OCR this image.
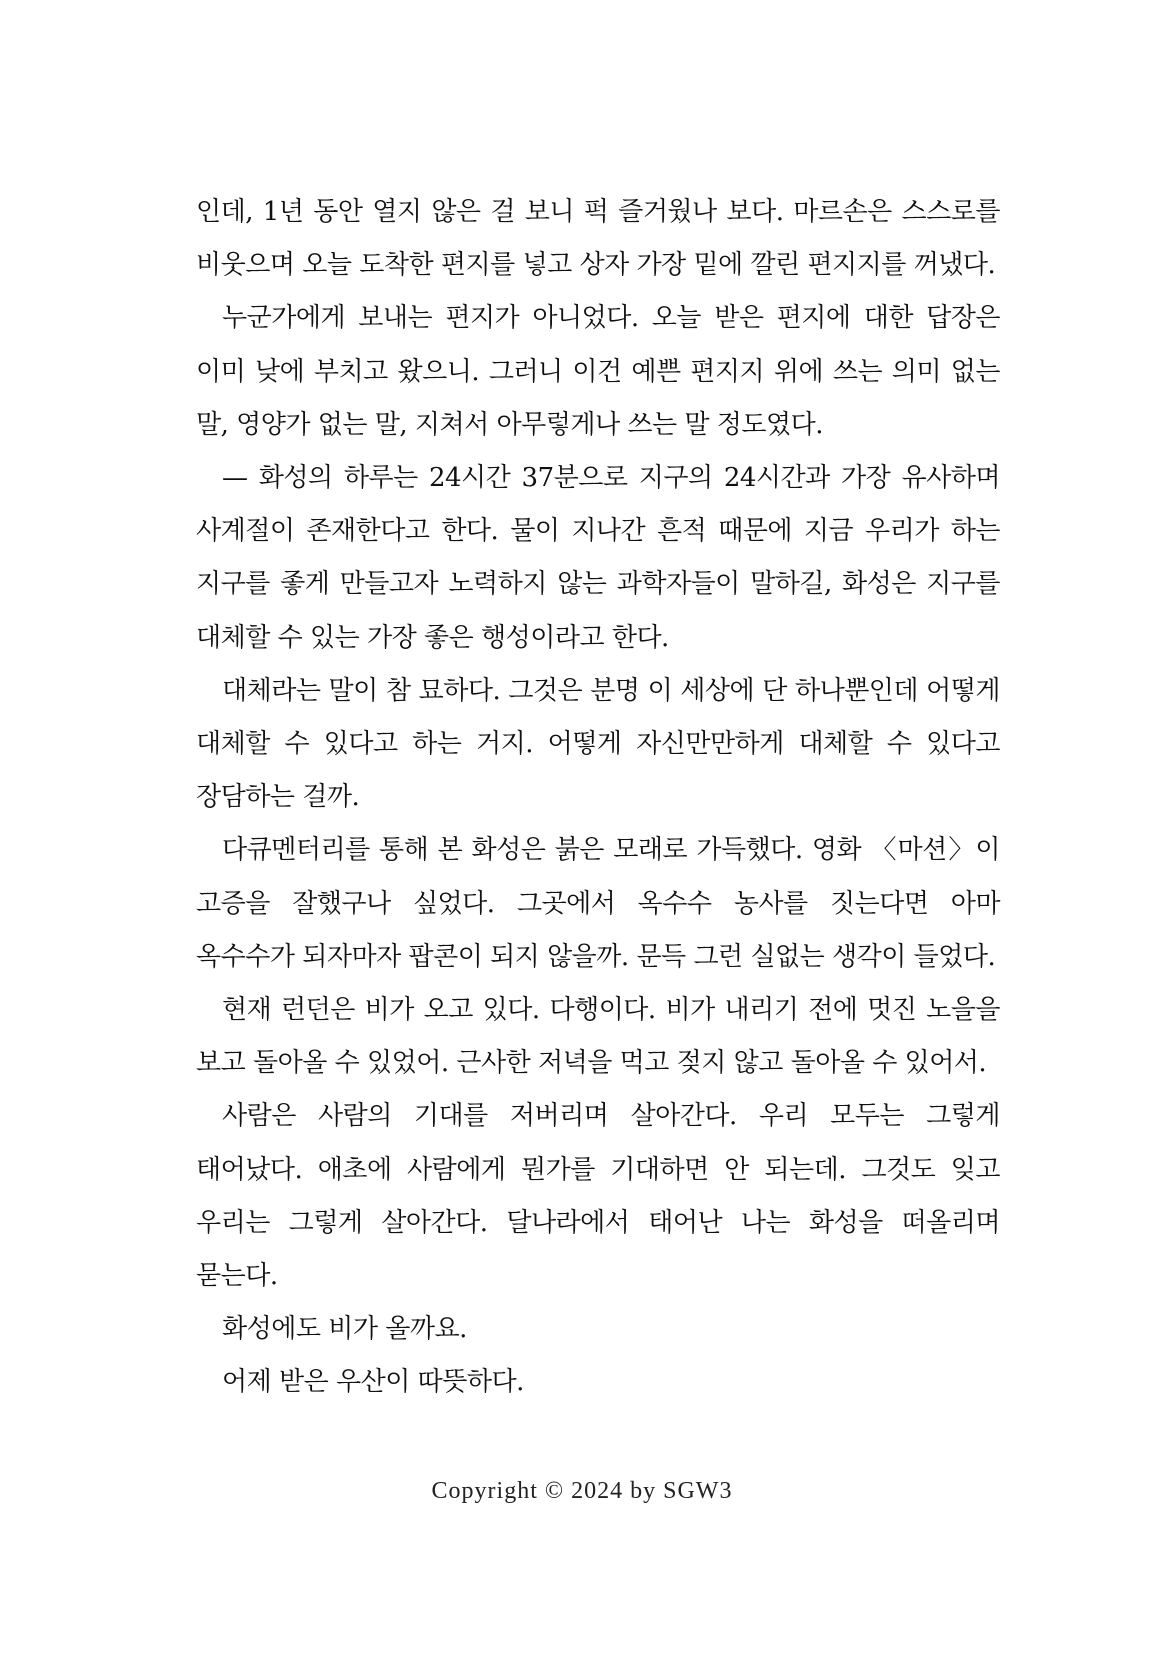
인데, 1년 동안 열지 않은 걸 보니 퍽 즐거웠나 보다. 마르손은 스스로를 비웃으며 오늘 도착한 편지를 넣고 상자 가장 밑에 깔린 편지지를 꺼냈다.

누군가에게 보내는 편지가 아니었다. 오늘 받은 편지에 대한 답장은 이미 낮에 부치고 왔으니. 그러니 이건 예쁜 편지지 위에 쓰는 의미 없는 말, 영양가 없는 말, 지쳐서 아무렇게나 쓰는 말 정도였다.

— 화성의 하루는 24시간 37분으로 지구의 24시간과 가장 유사하며 사계절이 존재한다고 한다. 물이 지나간 흔적 때문에 지금 우리가 하는 지구를 좋게 만들고자 노력하지 않는 과학자들이 말하길, 화성은 지구를 대체할 수 있는 가장 좋은 행성이라고 한다.

대체라는 말이 참 묘하다. 그것은 분명 이 세상에 단 하나뿐인데 어떻게 대체할 수 있다고 하는 거지. 어떻게 자신만만하게 대체할 수 있다고 장담하는 걸까.

다큐멘터리를 통해 본 화성은 붉은 모래로 가득했다. 영화 〈마션〉이 고증을 잘했구나 싶었다. 그곳에서 옥수수 농사를 짓는다면 아마 옥수수가 되자마자 팝콘이 되지 않을까. 문득 그런 실없는 생각이 들었다.

현재 런던은 비가 오고 있다. 다행이다. 비가 내리기 전에 멋진 노을을 보고 돌아올 수 있었어. 근사한 저녁을 먹고 젖지 않고 돌아올 수 있어서.

사람은 사람의 기대를 저버리며 살아간다. 우리 모두는 그렇게 태어났다. 애초에 사람에게 뭔가를 기대하면 안 되는데. 그것도 잊고 우리는 그렇게 살아간다. 달나라에서 태어난 나는 화성을 떠올리며 묻는다.

화성에도 비가 올까요.

어제 받은 우산이 따뜻하다.

Copyright © 2024 by SGW3
